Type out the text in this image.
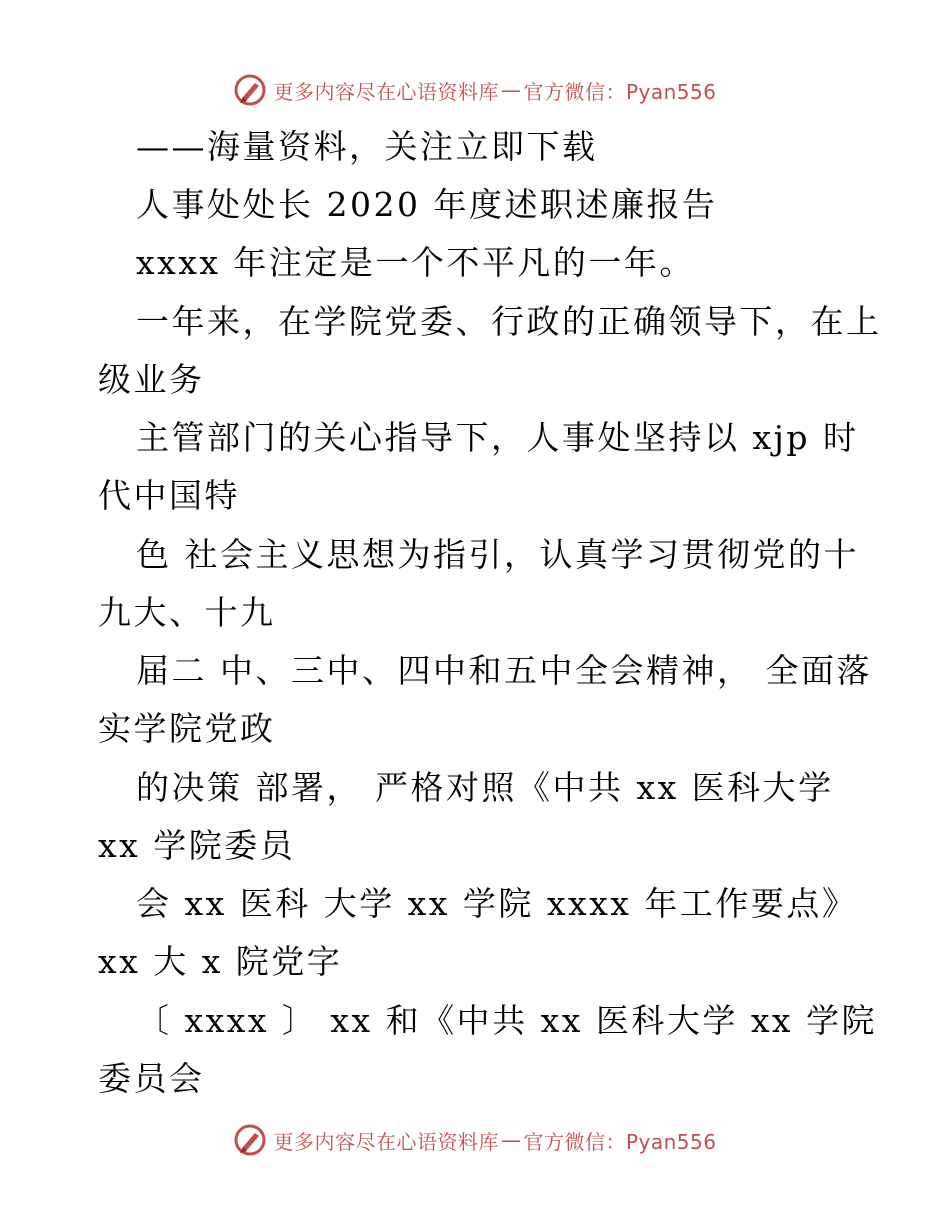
更多内容尽在心语资料库 — 官方微信：Pyan556
——海量资料，关注立即下载
人事处处长 2020 年度述职述廉报告
xxxx 年注定是一个不平凡的一年。
一年来，在学院党委、行政的正确领导下，在上
级业务
主管部门的关心指导下，人事处坚持以 xjp 时
代中国特
色 社会主义思想为指引，认真学习贯彻党的十
九大、十九
届二 中、三中、四中和五中全会精神， 全面落
实学院党政
的决策 部署， 严格对照《中共 xx 医科大学
xx 学院委员
会 xx 医科 大学 xx 学院 xxxx 年工作要点》
xx 大 x 院党字
〔 xxxx 〕 xx 和《中共 xx 医科大学 xx 学院
委员会
更多内容尽在心语资料库 — 官方微信：Pyan556
